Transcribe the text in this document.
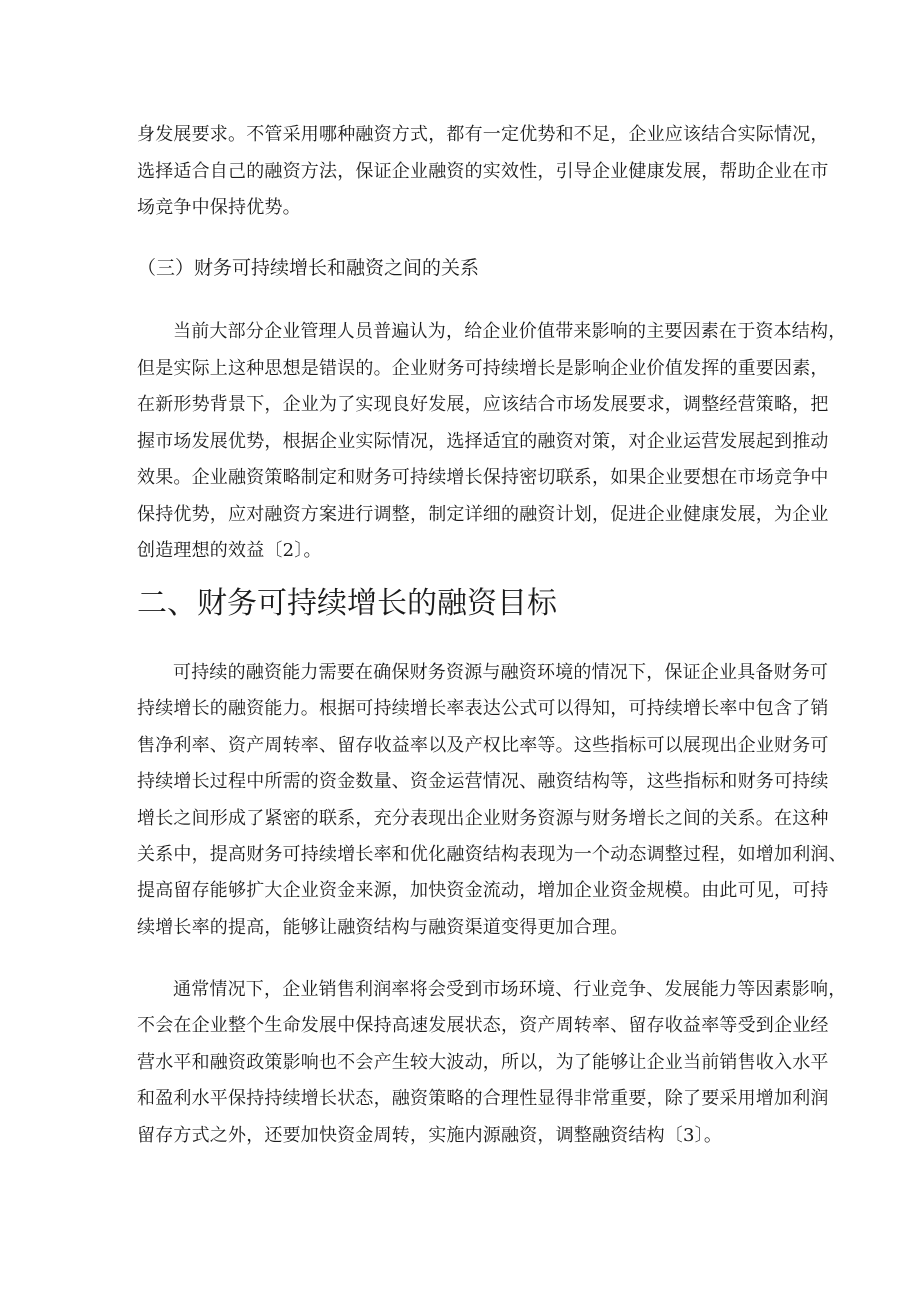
身发展要求。不管采用哪种融资方式，都有一定优势和不足，企业应该结合实际情况，
选择适合自己的融资方法，保证企业融资的实效性，引导企业健康发展，帮助企业在市
场竞争中保持优势。
（三）财务可持续增长和融资之间的关系
当前大部分企业管理人员普遍认为，给企业价值带来影响的主要因素在于资本结构，
但是实际上这种思想是错误的。企业财务可持续增长是影响企业价值发挥的重要因素，
在新形势背景下，企业为了实现良好发展，应该结合市场发展要求，调整经营策略，把
握市场发展优势，根据企业实际情况，选择适宜的融资对策，对企业运营发展起到推动
效果。企业融资策略制定和财务可持续增长保持密切联系，如果企业要想在市场竞争中
保持优势，应对融资方案进行调整，制定详细的融资计划，促进企业健康发展，为企业
创造理想的效益〔2〕。
二、财务可持续增长的融资目标
可持续的融资能力需要在确保财务资源与融资环境的情况下，保证企业具备财务可
持续增长的融资能力。根据可持续增长率表达公式可以得知，可持续增长率中包含了销
售净利率、资产周转率、留存收益率以及产权比率等。这些指标可以展现出企业财务可
持续增长过程中所需的资金数量、资金运营情况、融资结构等，这些指标和财务可持续
增长之间形成了紧密的联系，充分表现出企业财务资源与财务增长之间的关系。在这种
关系中，提高财务可持续增长率和优化融资结构表现为一个动态调整过程，如增加利润、
提高留存能够扩大企业资金来源，加快资金流动，增加企业资金规模。由此可见，可持
续增长率的提高，能够让融资结构与融资渠道变得更加合理。
通常情况下，企业销售利润率将会受到市场环境、行业竞争、发展能力等因素影响，
不会在企业整个生命发展中保持高速发展状态，资产周转率、留存收益率等受到企业经
营水平和融资政策影响也不会产生较大波动，所以，为了能够让企业当前销售收入水平
和盈利水平保持持续增长状态，融资策略的合理性显得非常重要，除了要采用增加利润
留存方式之外，还要加快资金周转，实施内源融资，调整融资结构〔3〕。
